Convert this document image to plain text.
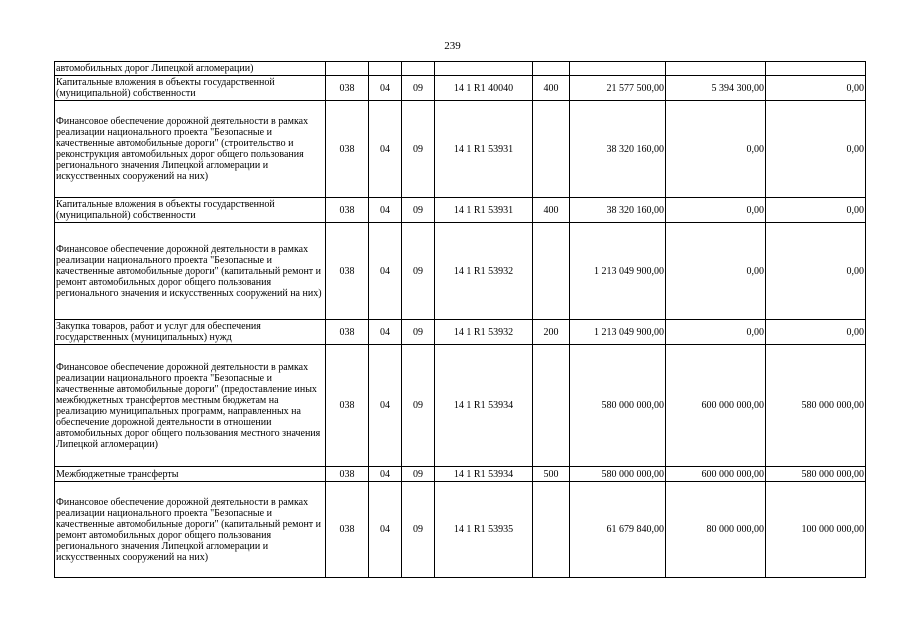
239
автомобильных дорог Липецкой агломерации)								
Капитальные вложения в объекты государственной (муниципальной) собственности	038	04	09	14 1 R1 40040	400	21 577 500,00	5 394 300,00	0,00
Финансовое обеспечение дорожной деятельности в рамках реализации национального проекта "Безопасные и качественные автомобильные дороги" (строительство и реконструкция автомобильных дорог общего пользования регионального значения Липецкой агломерации и искусственных сооружений на них)	038	04	09	14 1 R1 53931		38 320 160,00	0,00	0,00
Капитальные вложения в объекты государственной (муниципальной) собственности	038	04	09	14 1 R1 53931	400	38 320 160,00	0,00	0,00
Финансовое обеспечение дорожной деятельности в рамках реализации национального проекта "Безопасные и качественные автомобильные дороги" (капитальный ремонт и ремонт автомобильных дорог общего пользования регионального значения и искусственных сооружений на них)	038	04	09	14 1 R1 53932		1 213 049 900,00	0,00	0,00
Закупка товаров, работ и услуг для обеспечения государственных (муниципальных) нужд	038	04	09	14 1 R1 53932	200	1 213 049 900,00	0,00	0,00
Финансовое обеспечение дорожной деятельности в рамках реализации национального проекта "Безопасные и качественные автомобильные дороги" (предоставление иных межбюджетных трансфертов местным бюджетам на реализацию муниципальных программ, направленных на обеспечение дорожной деятельности в отношении автомобильных дорог общего пользования местного значения Липецкой агломерации)	038	04	09	14 1 R1 53934		580 000 000,00	600 000 000,00	580 000 000,00
Межбюджетные трансферты	038	04	09	14 1 R1 53934	500	580 000 000,00	600 000 000,00	580 000 000,00
Финансовое обеспечение дорожной деятельности в рамках реализации национального проекта "Безопасные и качественные автомобильные дороги" (капитальный ремонт и ремонт автомобильных дорог общего пользования регионального значения Липецкой агломерации и искусственных сооружений на них)	038	04	09	14 1 R1 53935		61 679 840,00	80 000 000,00	100 000 000,00
